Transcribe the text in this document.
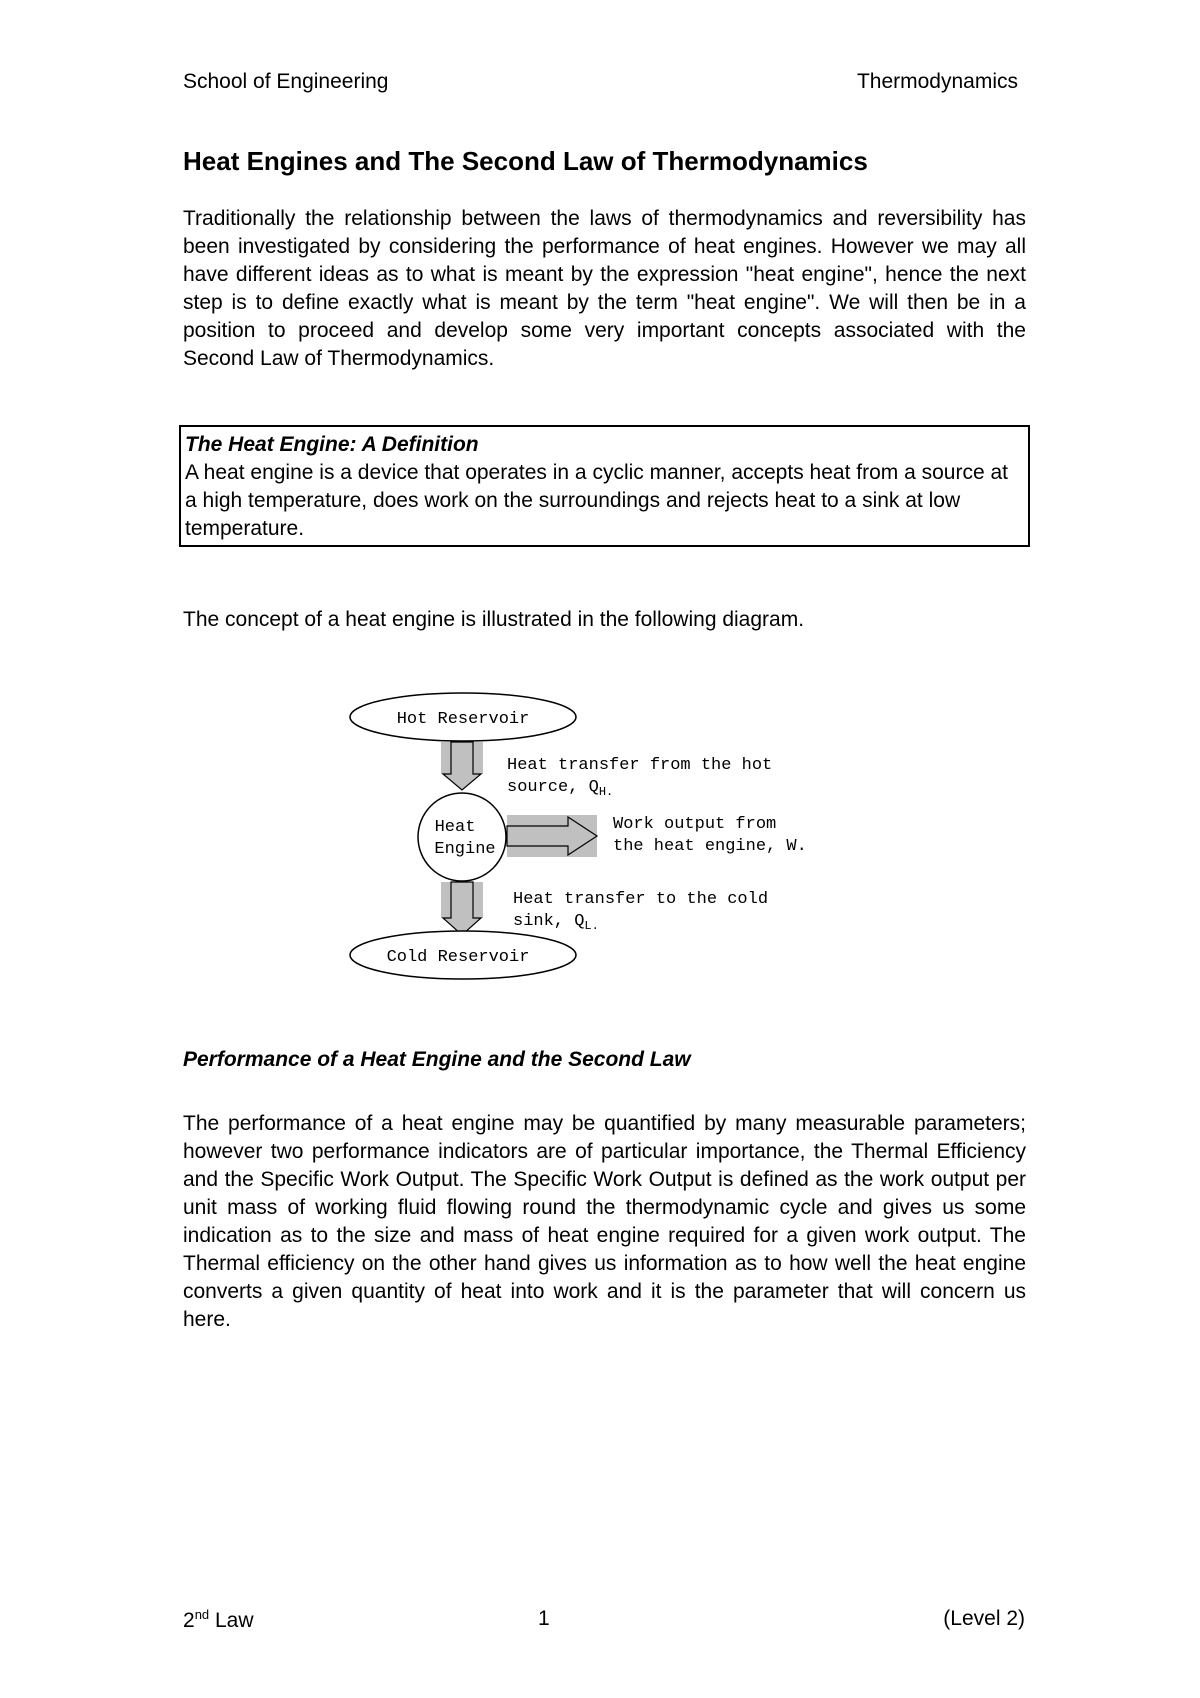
School of Engineering	Thermodynamics
Heat Engines and The Second Law of Thermodynamics

Traditionally the relationship between the laws of thermodynamics and reversibility has been investigated by considering the performance of heat engines. However we may all have different ideas as to what is meant by the expression "heat engine", hence the next step is to define exactly what is meant by the term "heat engine". We will then be in a position to proceed and develop some very important concepts associated with the Second Law of Thermodynamics.

The Heat Engine: A Definition
A heat engine is a device that operates in a cyclic manner, accepts heat from a source at a high temperature, does work on the surroundings and rejects heat to a sink at low temperature.
The concept of a heat engine is illustrated in the following diagram.
Hot Reservoir
Heat
Engine
Cold Reservoir
Heat transfer from the hot
source, $Q_{H.}$
Work output from
the heat engine, W.
Heat transfer to the cold
sink, $Q_{L.}$
Performance of a Heat Engine and the Second Law

The performance of a heat engine may be quantified by many measurable parameters; however two performance indicators are of particular importance, the Thermal Efficiency and the Specific Work Output. The Specific Work Output is defined as the work output per unit mass of working fluid flowing round the thermodynamic cycle and gives us some indication as to the size and mass of heat engine required for a given work output. The Thermal efficiency on the other hand gives us information as to how well the heat engine converts a given quantity of heat into work and it is the parameter that will concern us here.

2nd Law	1	(Level 2)
